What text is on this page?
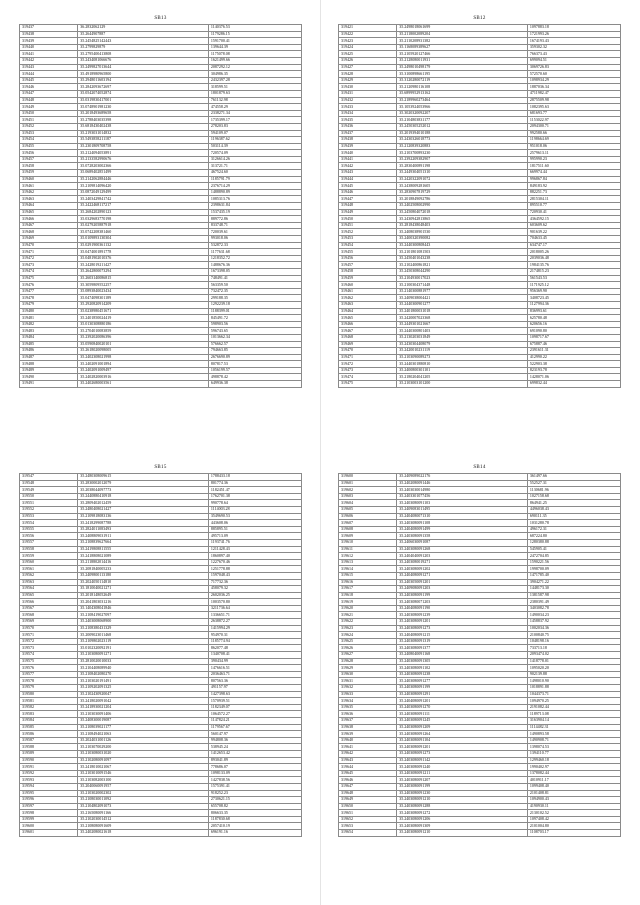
SB13
319437	36.2832062129	1140376.53
319438	35.2644907887	1179286.15
319439	35.2454825142443	1591700.41
319440	35.2799829879	139644.39
319441	35.2795400413808	1175078.08
319442	35.2434081066676	1621499.66
319443	35.2499827013644	2087292.12
319444	35.4918980965800	304986.35
319445	35.2948011603194	2432397.28
319446	35.2842093672697	318599.51
319447	35.0542074052874	1801879.63
319448	35.0319830417001	761132.98
319449	35.0748901981230	474558.29
319450	35.2018493689658	2338271.34
319451	35.2788403035398	1735399.17
319452	35.6818430402438	278203.83
319453	35.2193031014832	594109.07
319454	35.5493858211187	1196387.62
319455	35.2301809708758	503114.39
319456	35.2124094053891	720574.09
319457	35.2133582990676	3126614.26
319458	35.0728203002366	313721.71
319459	35.0689402851499	467524.60
319460	35.2142062884446	1185791.79
319461	35.2109814096420	2376714.29
319462	35.0872049129499	1488890.89
319463	35.2403429841742	1085313.76
319464	35.2422468117217	2398631.84
319465	35.2684202890123	1537435.19
319466	35.0329683770198	889772.86
319467	35.0279205887918	833748.71
319468	35.0742208381460	720039.61
319469	35.0109893130304	993018.06
319470	35.0291900361132	532872.33
319471	35.0474001891778	1177631.68
319472	35.0481902010376	1218352.72
319473	35.2428019211427	1488676.36
319474	35.2642800073294	1673398.05
319475	35.2603140086815	748491.41
319476	35.3059809552257	563359.50
319477	35.0893840023434	732472.35
319478	35.0474098301189	299188.35
319479	35.2920820914209	1292239.18
319480	35.0238980451671	1188399.01
319481	35.2401850024419	845491.72
319482	35.0130308880186	598903.56
319483	35.2704010083859	596743.65
319484	35.2392020086396	1013662.34
319485	35.0590840020101	576662.57
319486	35.2618020098005	794663.85
319487	35.2402308021998	2676690.89
319488	35.2402091001894	807817.53
319489	35.2402091009497	1056199.57
319490	35.2402820003916	498878.42
319491	35.2402680003561	649936.38
SB12
319421	35.2498018061699	1097883.18
319422	35.2118002089204	1721993.26
319423	35.2110208931382	1674193.43
319424	35.1168089389627	359302.32
319425	35.2105920127466	766373.43
319426	35.2128080011931	699094.51
319427	35.2498010498179	3069726.83
319428	35.3100898661195	572570.60
319429	35.3120280072119	1098934.29
319430	35.2120980116108	1887036.34
319431	35.6899952913162	4711982.47
319432	35.2189960273464	2875509.98
319433	35.1053924053966	1082395.63
319434	35.3020320092207	681693.77
319435	35.2104803831177	1153022.97
319436	35.2450305252012	2094300.71
319437	35.2019394010188	992580.66
319438	35.2430326018773	1198664.69
319439	35.2120839320883	951018.06
319440	35.2103700893230	2579613.11
319441	35.2392209382907	995990.23
319442	35.2830400891198	1817511.60
319443	35.2449304051310	669974.44
319444	35.2420322091072	996867.84
319445	35.2438009281605	849183.92
319446	35.2830907819729	882251.73
319447	35.2018849092786	2815304.11
319448	35.2402508002990	895510.77
319449	35.2450804072018	720930.41
319450	35.2430942813865	4364592.15
319451	35.2818438048403	603609.62
319452	35.2408038901530	901639.22
319453	35.2400320390082	704633.45
319454	35.2440300808443	634747.17
319455	35.2101801081503	2018005.26
319456	35.2450401043238	2039036.48
319457	35.2102400861821	1984135.76
319458	35.2450308044290	2174815.23
319459	35.2104930017023	561543.53
319460	35.2100304371448	1171925.12
319461	35.2140300881977	956369.90
319462	35.2409038004421	3408723.45
319463	35.2440300901277	1127994.36
319464	35.2401800031018	836993.61
319465	35.2420007023368	625780.48
319466	35.2449301021667	620656.16
319467	35.2440300801403	691090.80
319468	35.2130203031849	1098717.67
319469	35.2430304408079	675887.46
319470	35.2420010231119	2391611.31
319471	35.2103090089273	412990.22
319472	35.2440301880810	522903.38
319473	35.2400800301101	823193.78
319474	35.2180204041205	1428071.06
319475	35.2103003101200	699832.44
SB15
319547	35.2480308009615	1788433.18
319548	35.2830002012079	801774.36
319549	35.2038044097773	1182451.47
319550	35.2440880410918	1762701.38
319551	35.2809402012459	990778.64
319552	35.2480408021427	1114003.28
319553	35.2109818083136	3549690.53
319554	35.2418299087788	443608.06
319555	35.2824011083493	885895.51
319556	35.2408809031911	495713.09
319557	35.2108839627664	1193741.76
319558	35.2419808811555	1211428.43
319559	35.2418808021089	1860897.40
319560	35.2118802014416	1227670.46
319561	35.2081840005233	1251778.88
319562	35.2409800113180	1597048.43
319563	35.2024050114810	717732.36
319564	35.1810040021271	458079.32
319565	35.2018148052649	2602036.25
319566	35.2041803031216	1003570.80
319567	35.1404308041846	3211736.64
319568	35.2108419027097	1336651.71
319569	35.2403008068900	2638872.27
319570	35.2108380431329	1415994.29
319571	35.2009023011468	954970.31
319572	35.2109802023119	1185774.94
319573	35.0102320092191	862077.48
319574	35.2103080091271	1340708.41
319575	35.2810020010033	390434.99
319576	35.2104408089940	1476616.51
319577	35.2108402080270	2036463.71
319578	35.2103020191491	807563.36
319579	35.2109202091325	491157.97
319580	35.2102430920047	1427398.63
319581	35.2418020091042	1570939.51
319582	35.2418930021204	1182349.07
319583	35.2103030091406	1064572.27
319584	35.2408300019087	1147824.21
319585	35.2108039021177	1179567.67
319586	35.2108494021063	560147.97
319587	35.2024031001126	994808.36
319588	35.2103070029200	538945.24
319589	35.2103080031020	1412653.42
319590	35.2102080091097	893041.89
319591	35.2418010021067	778686.07
319592	35.2103010091546	1098133.09
319593	35.2103082003100	1427838.56
319594	35.2040060091957	1575391.41
319595	35.2103020002302	918252.23
319596	35.2108030011092	2730621.15
319597	35.2104802091073	655708.82
319598	35.2165080091166	806633.35
319599	35.2102030014512	1187830.68
319600	35.2108080091609	2057410.19
319601	35.2402080021618	696191.16
SB14
319600	35.2409089022176	361497.66
319601	35.2402080091446	552527.31
319602	35.2403030014980	1130681.96
319603	35.2403301077456	1027158.68
319604	35.2403080091103	864941.25
319605	35.2409083011495	4496038.43
319606	35.2404080071310	690111.35
319607	35.2403080091108	1031280.78
319608	35.2404080091499	496172.31
319609	35.2403080091358	687224.80
319610	35.2406030091087	1280380.88
319611	35.2403080091268	545905.41
319612	35.2404040091203	2472704.85
319613	35.2403080019271	1590221.56
319614	35.2403080091202	1998700.09
319615	35.2404080091271	1471785.40
319616	35.2403050091201	3904271.22
319617	35.2409080091203	1448173.30
319618	35.2403080091199	1381587.98
319619	35.2403080071203	2380391.49
319620	35.2404080091190	3403082.78
319621	35.2403080091239	1490034.23
319622	35.2403080091201	1458837.92
319623	35.2403080091273	1002034.36
319624	35.2404080091215	2100840.75
319625	35.2403080091319	1048198.16
319626	35.2403080091377	733713.18
319627	35.2408040091168	2093474.02
319628	35.2403080091305	1418778.01
319629	35.2403080091102	1095020.20
319630	35.2403080091238	902139.88
319631	35.2403080091277	1498010.90
319632	35.2403080091199	1018891.88
319633	35.2403080091291	1044373.71
319634	35.2404080091201	1094970.25
319635	35.2403080091270	2191082.44
319636	35.2403080091111	1189713.08
319637	35.2403080091245	3163904.14
319638	35.2403080091209	1114482.31
319639	35.2403080091264	1490893.58
319640	35.2403080091104	1490908.71
319641	35.2403080091201	1398074.53
319642	35.2403080091273	1394110.77
319643	35.2403080091142	1299460.18
319644	35.2403080091240	1990402.97
319645	35.2403080091211	1378082.44
319646	35.2403080091207	4010911.17
319647	35.2403080091199	1099408.40
319648	35.2403080091230	2101408.81
319649	35.2403080091210	1094900.43
319650	35.2403080091288	4190930.11
319651	35.2403080091272	2130102.52
319652	35.2403080091206	1097408.42
319653	35.2403080091309	2101004.80
319654	35.2403080091210	1108703.17
